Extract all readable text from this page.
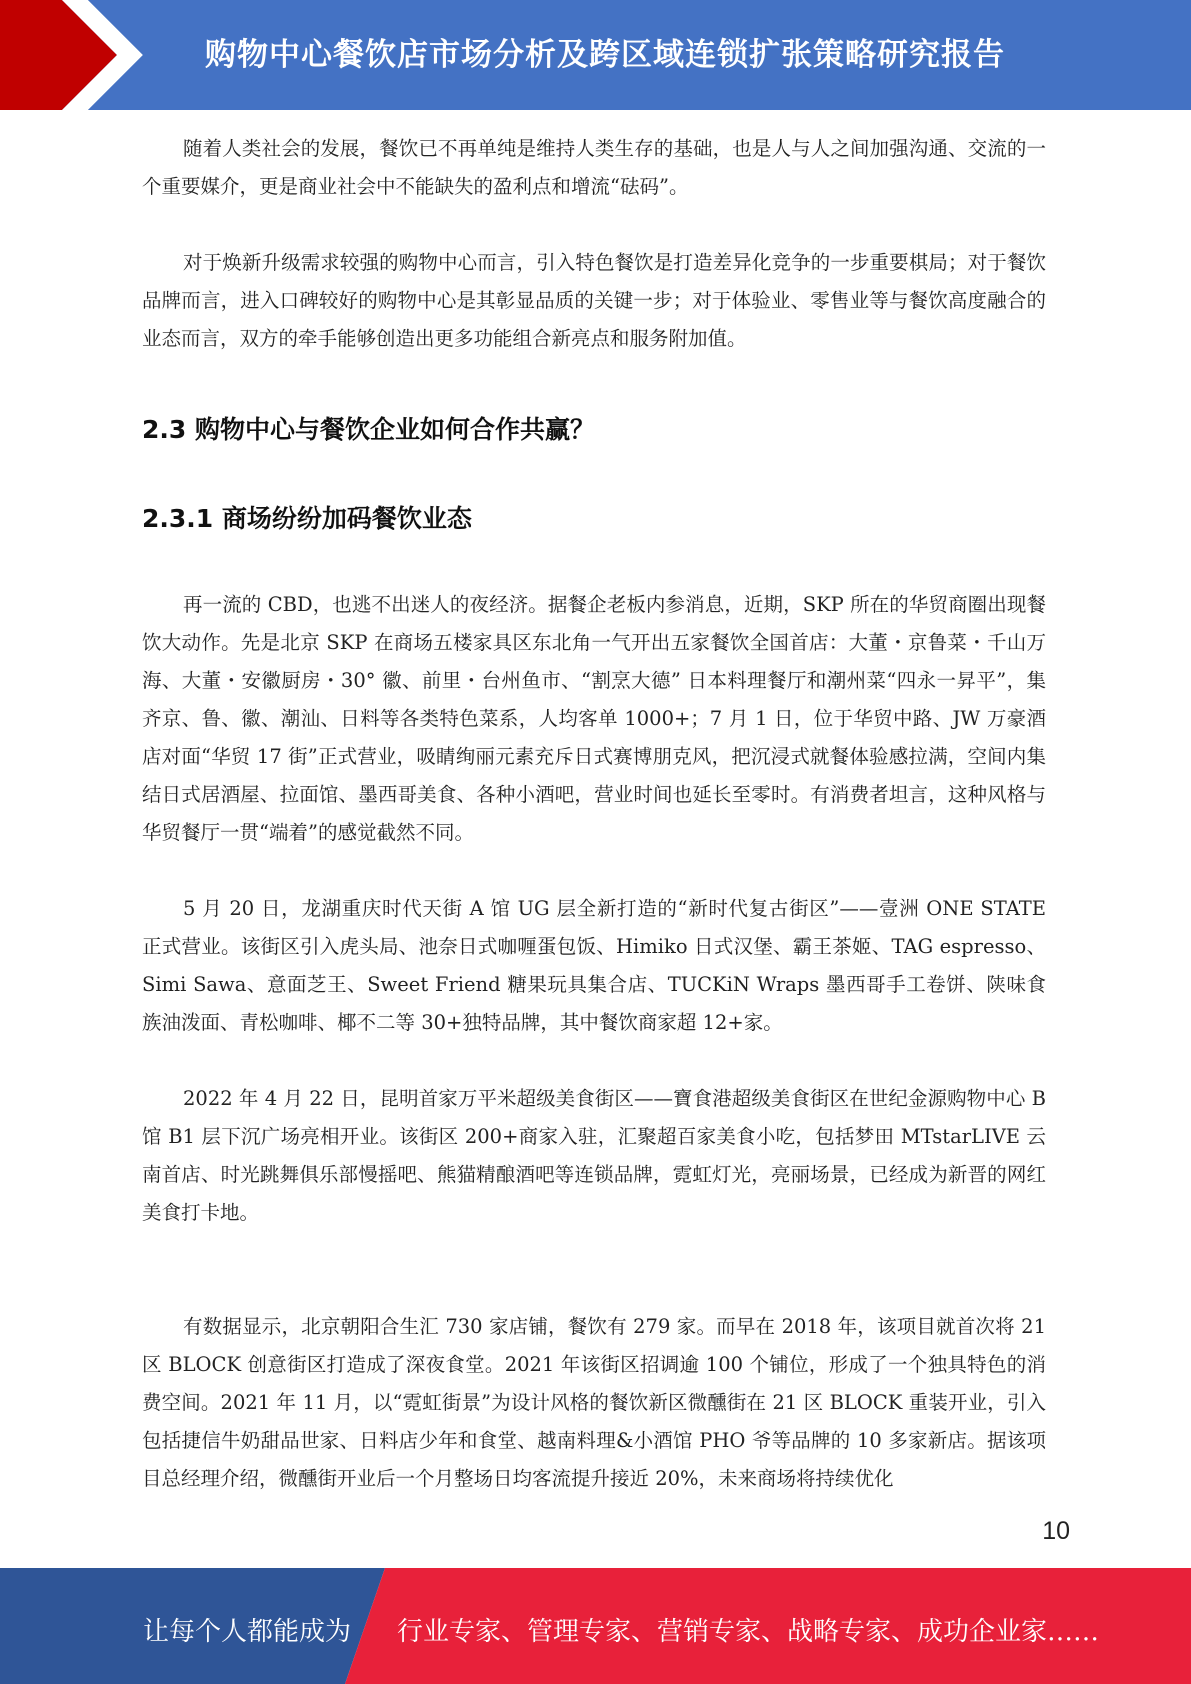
购物中心餐饮店市场分析及跨区域连锁扩张策略研究报告

随着人类社会的发展，餐饮已不再单纯是维持人类生存的基础，也是人与人之间加强沟通、交流的一个重要媒介，更是商业社会中不能缺失的盈利点和增流“砝码”。

对于焕新升级需求较强的购物中心而言，引入特色餐饮是打造差异化竞争的一步重要棋局；对于餐饮品牌而言，进入口碑较好的购物中心是其彰显品质的关键一步；对于体验业、零售业等与餐饮高度融合的业态而言，双方的牵手能够创造出更多功能组合新亮点和服务附加值。

2.3 购物中心与餐饮企业如何合作共赢？
2.3.1 商场纷纷加码餐饮业态

再一流的 CBD，也逃不出迷人的夜经济。据餐企老板内参消息，近期，SKP 所在的华贸商圈出现餐饮大动作。先是北京 SKP 在商场五楼家具区东北角一气开出五家餐饮全国首店：大董・京鲁菜・千山万海、大董・安徽厨房・30° 徽、前里・台州鱼市、“割烹大德” 日本料理餐厅和潮州菜“四永一昇平”，集齐京、鲁、徽、潮汕、日料等各类特色菜系，人均客单 1000+；7 月 1 日，位于华贸中路、JW 万豪酒店对面“华贸 17 街”正式营业，吸睛绚丽元素充斥日式赛博朋克风，把沉浸式就餐体验感拉满，空间内集结日式居酒屋、拉面馆、墨西哥美食、各种小酒吧，营业时间也延长至零时。有消费者坦言，这种风格与华贸餐厅一贯“端着”的感觉截然不同。

5 月 20 日，龙湖重庆时代天街 A 馆 UG 层全新打造的“新时代复古街区”——壹洲 ONE STATE 正式营业。该街区引入虎头局、池奈日式咖喱蛋包饭、Himiko 日式汉堡、霸王茶姬、TAG espresso、Simi Sawa、意面芝王、Sweet Friend 糖果玩具集合店、TUCKiN Wraps 墨西哥手工卷饼、陕味食族油泼面、青松咖啡、椰不二等 30+独特品牌，其中餐饮商家超 12+家。

2022 年 4 月 22 日，昆明首家万平米超级美食街区——寶食港超级美食街区在世纪金源购物中心 B 馆 B1 层下沉广场亮相开业。该街区 200+商家入驻，汇聚超百家美食小吃，包括梦田 MTstarLIVE 云南首店、时光跳舞俱乐部慢摇吧、熊猫精酿酒吧等连锁品牌，霓虹灯光，亮丽场景，已经成为新晋的网红美食打卡地。

有数据显示，北京朝阳合生汇 730 家店铺，餐饮有 279 家。而早在 2018 年，该项目就首次将 21 区 BLOCK 创意街区打造成了深夜食堂。2021 年该街区招调逾 100 个铺位，形成了一个独具特色的消费空间。2021 年 11 月，以“霓虹街景”为设计风格的餐饮新区微醺街在 21 区 BLOCK 重装开业，引入包括捷信牛奶甜品世家、日料店少年和食堂、越南料理&小酒馆 PHO 爷等品牌的 10 多家新店。据该项目总经理介绍，微醺街开业后一个月整场日均客流提升接近 20%，未来商场将持续优化

10
让每个人都能成为 行业专家、管理专家、营销专家、战略专家、成功企业家……
